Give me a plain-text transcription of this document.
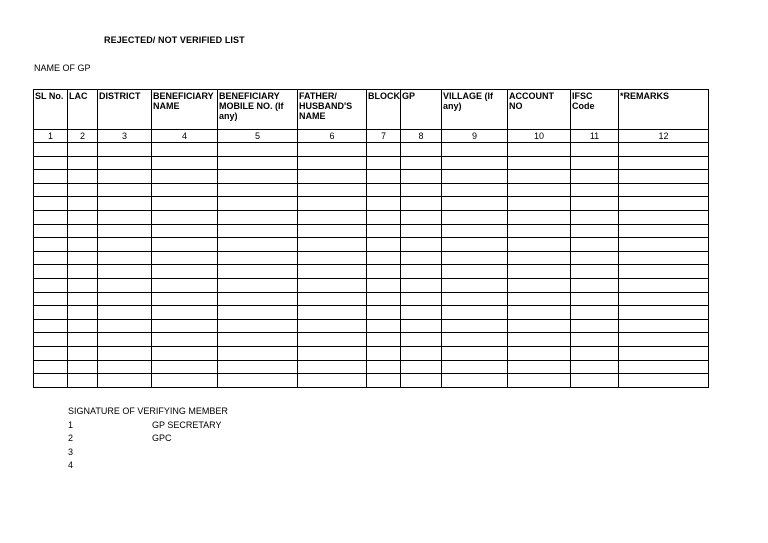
REJECTED/ NOT VERIFIED LIST
NAME OF GP
SL No.	LAC	DISTRICT	BENEFICIARY NAME	BENEFICIARY MOBILE NO. (If any)	FATHER/ HUSBAND'S NAME	BLOCK	GP	VILLAGE (If any)	ACCOUNT NO	IFSC Code	*REMARKS
1	2	3	4	5	6	7	8	9	10	11	12

SIGNATURE OF VERIFYING MEMBER
1	GP SECRETARY
2	GPC
3
4
